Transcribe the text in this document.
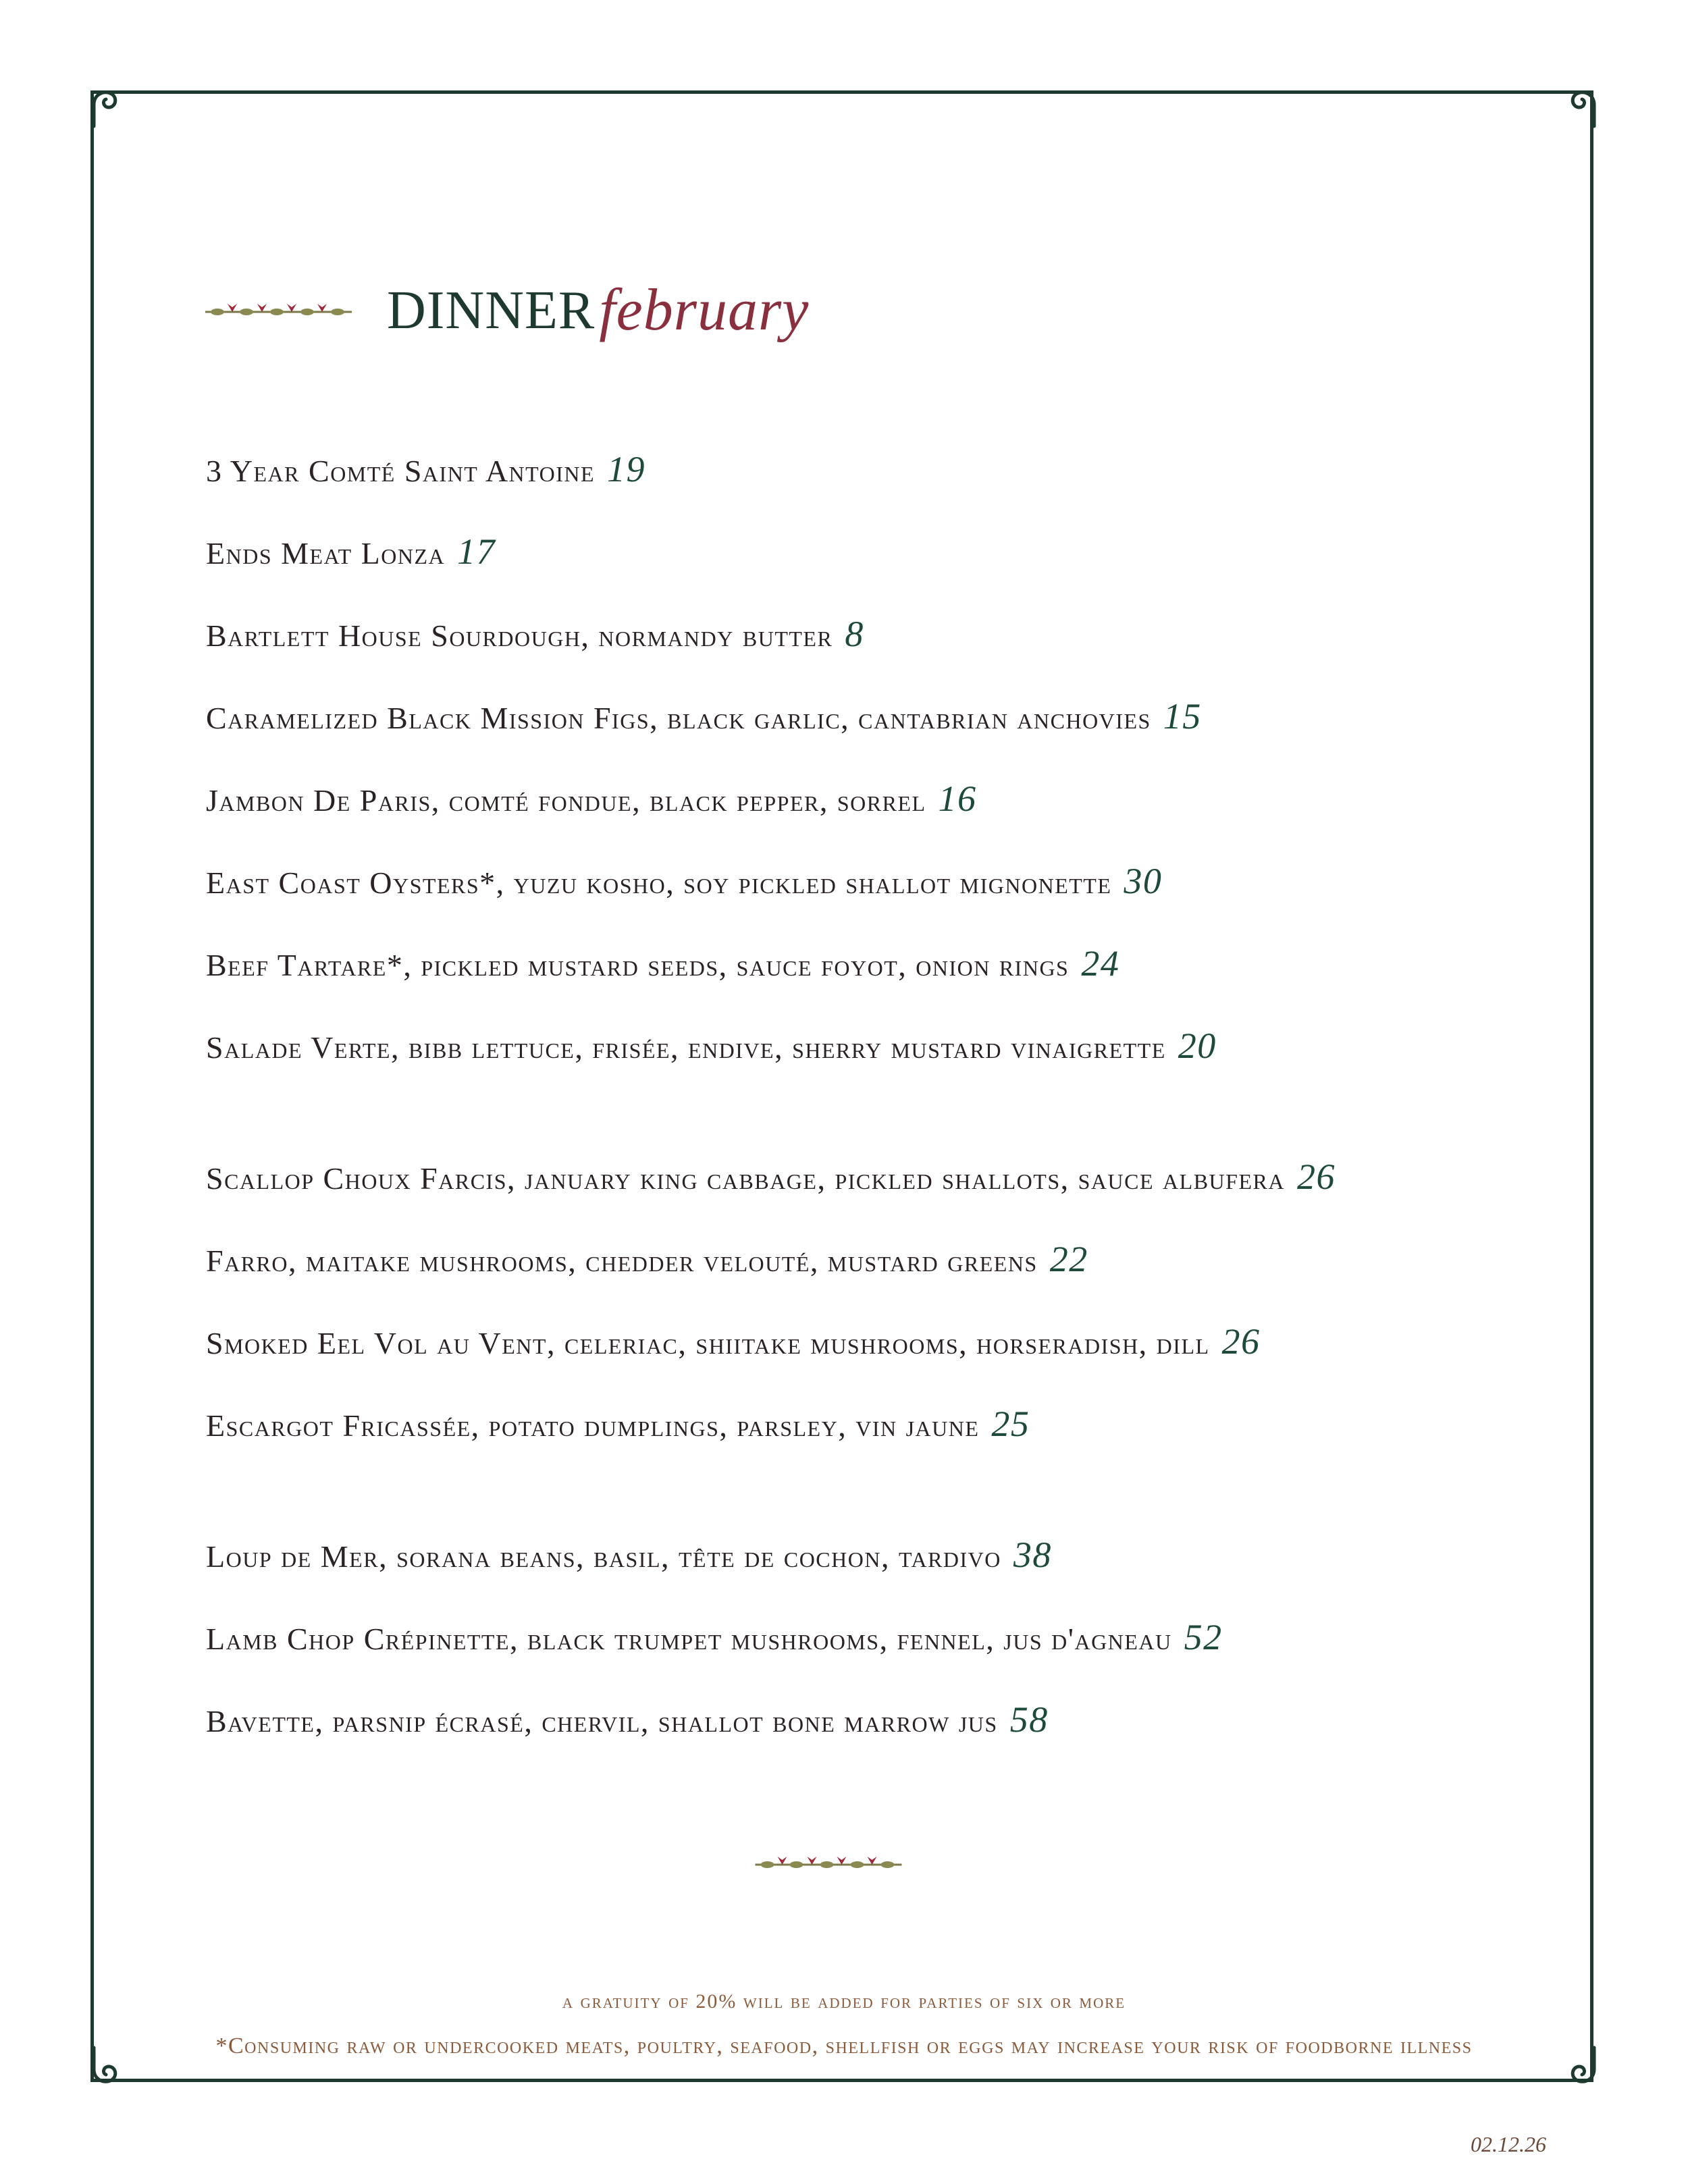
DINNER february
3 Year Comté Saint Antoine 19
Ends Meat Lonza 17
Bartlett House Sourdough, normandy butter 8
Caramelized Black Mission Figs, black garlic, cantabrian anchovies 15
Jambon De Paris, comté fondue, black pepper, sorrel 16
East Coast Oysters*, yuzu kosho, soy pickled shallot mignonette 30
Beef Tartare*, pickled mustard seeds, sauce foyot, onion rings 24
Salade Verte, bibb lettuce, frisée, endive, sherry mustard vinaigrette 20
Scallop Choux Farcis, january king cabbage, pickled shallots, sauce albufera 26
Farro, maitake mushrooms, chedder velouté, mustard greens 22
Smoked Eel Vol au Vent, celeriac, shiitake mushrooms, horseradish, dill 26
Escargot Fricassée, potato dumplings, parsley, vin jaune 25
Loup de Mer, sorana beans, basil, tête de cochon, tardivo 38
Lamb Chop Crépinette, black trumpet mushrooms, fennel, jus d'agneau 52
Bavette, parsnip écrasé, chervil, shallot bone marrow jus 58
a gratuity of 20% will be added for parties of six or more
*Consuming raw or undercooked meats, poultry, seafood, shellfish or eggs may increase your risk of foodborne illness
02.12.26
